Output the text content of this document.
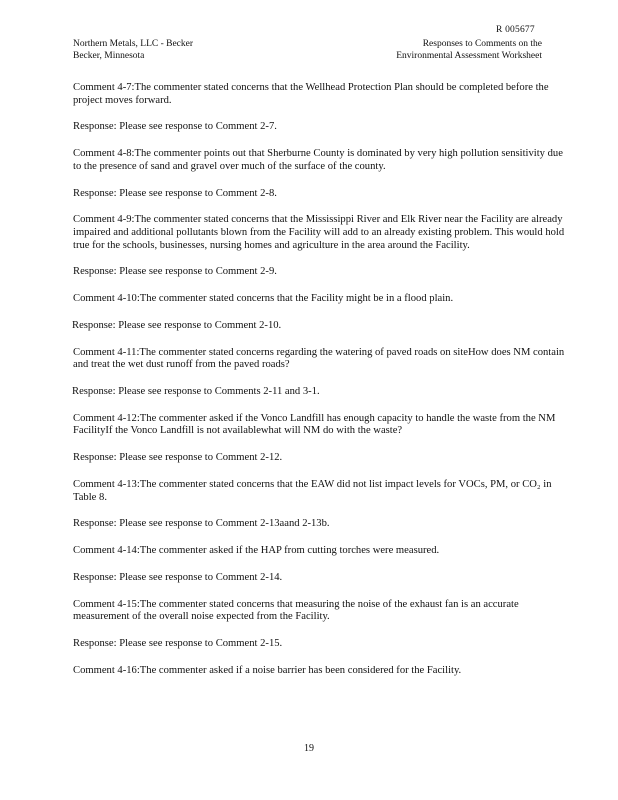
R 005677
Northern Metals, LLC - Becker
Becker, Minnesota
Responses to Comments on the
Environmental Assessment Worksheet

Comment 4-7:The commenter stated concerns that the Wellhead Protection Plan should be completed before the project moves forward.

Response: Please see response to Comment 2-7.

Comment 4-8:The commenter points out that Sherburne County is dominated by very high pollution sensitivity due to the presence of sand and gravel over much of the surface of the county.

Response: Please see response to Comment 2-8.

Comment 4-9:The commenter stated concerns that the Mississippi River and Elk River near the Facility are already impaired and additional pollutants blown from the Facility will add to an already existing problem. This would hold true for the schools, businesses, nursing homes and agriculture in the area around the Facility.

Response: Please see response to Comment 2-9.

Comment 4-10:The commenter stated concerns that the Facility might be in a flood plain.

Response: Please see response to Comment 2-10.

Comment 4-11:The commenter stated concerns regarding the watering of paved roads on siteHow does NM contain and treat the wet dust runoff from the paved roads?

Response: Please see response to Comments 2-11 and 3-1.

Comment 4-12:The commenter asked if the Vonco Landfill has enough capacity to handle the waste from the NM FacilityIf the Vonco Landfill is not availablewhat will NM do with the waste?

Response: Please see response to Comment 2-12.

Comment 4-13:The commenter stated concerns that the EAW did not list impact levels for VOCs, PM, or CO₂ in Table 8.

Response: Please see response to Comment 2-13aand 2-13b.

Comment 4-14:The commenter asked if the HAP from cutting torches were measured.

Response: Please see response to Comment 2-14.

Comment 4-15:The commenter stated concerns that measuring the noise of the exhaust fan is an accurate measurement of the overall noise expected from the Facility.

Response: Please see response to Comment 2-15.

Comment 4-16:The commenter asked if a noise barrier has been considered for the Facility.

19
